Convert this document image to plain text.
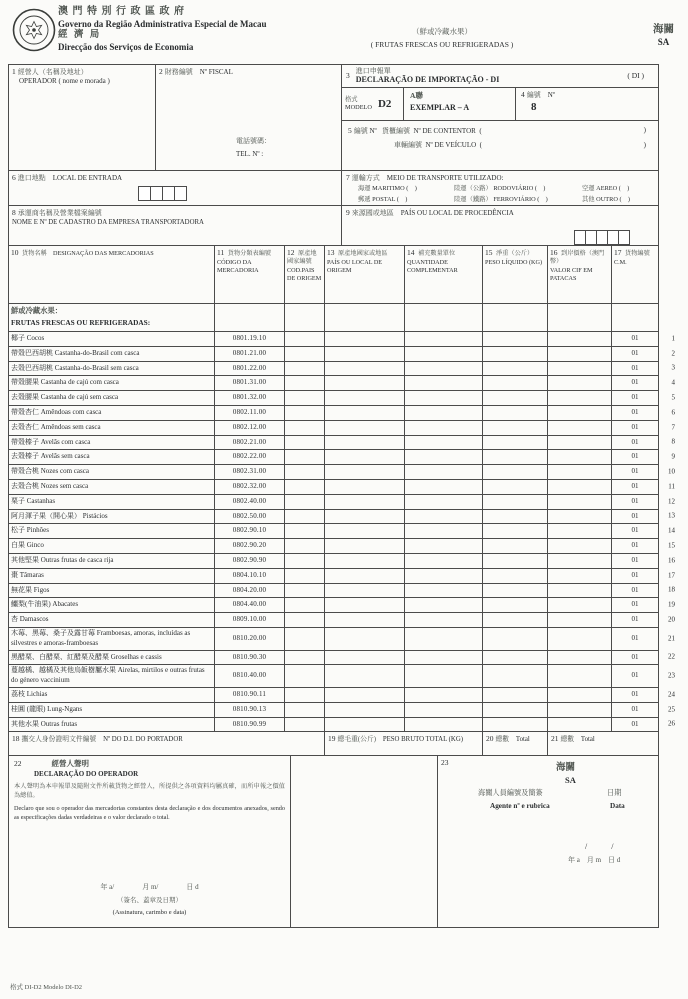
澳 門 特 別 行 政 區 政 府
Governo da Região Administrativa Especial de Macau
經 濟 局
Direcção dos Serviços de Economia
（鮮或冷藏水果）
( FRUTAS FRESCAS OU REFRIGERADAS )
海關
SA
1 經營人（名稱及地址）
OPERADOR ( nome e morada )
2 財務編號　 Nº FISCAL
電話號碼：
TEL. Nº :
3 進口申報單
DECLARAÇÃO DE IMPORTAÇÃO - DI	( DI )
格式
MODELO D2
A聯
EXEMPLAR – A
4 編號　 Nº
8
5 編號 Nº 貨櫃編號 Nº DE CONTENTOR (	)
車輛編號 Nº DE VEÍCULO (	)
6 進口地點　 LOCAL DE ENTRADA	7 運輸方式　 MEIO DE TRANSPORTE UTILIZADO:
海運 MARITIMO (　)	陸運（公路） RODOVIÁRIO (　)	空運 AEREO (　)
郵遞 POSTAL (　)	陸運（鐵路） FERROVIÁRIO (　)	其他 OUTRO (　)
8 承運商名稱及營業檔案編號
NOME E Nº DE CADASTRO DA EMPRESA TRANSPORTADORA
9 來源國或地區　 PAÍS OU LOCAL DE PROCEDÊNCIA
10 貨物名稱　 DESIGNAÇÃO DAS MERCADORIAS	11 貨物分類表編號
CÓDIGO DA MERCADORIA
12 原產地國家編號
COD.PAIS DE ORIGEM
13 原產地國家或地區
PAÍS OU LOCAL DE ORIGEM
14 補充數量單位
QUANTIDADE COMPLEMENTAR
15 淨重（公斤）
PESO LÍQUIDO (KG)
16 到岸價格（澳門幣）
VALOR CIF EM PATACAS
17 貨物編號
C.M.
鮮或冷藏水果：
FRUTAS FRESCAS OU REFRIGERADAS:
椰子 Cocos	0801.19.10	01	1
帶殼巴西胡桃 Castanha-do-Brasil com casca	0801.21.00	01	2
去殼巴西胡桃 Castanha-do-Brasil sem casca	0801.22.00	01	3
帶殼腰果 Castanha de cajú com casca	0801.31.00	01	4
去殼腰果 Castanha de cajú sem casca	0801.32.00	01	5
帶殼杏仁 Amêndoas com casca	0802.11.00	01	6
去殼杏仁 Amêndoas sem casca	0802.12.00	01	7
帶殼榛子 Avelãs com casca	0802.21.00	01	8
去殼榛子 Avelãs sem casca	0802.22.00	01	9
帶殼合桃 Nozes com casca	0802.31.00	01	10
去殼合桃 Nozes sem casca	0802.32.00	01	11
栗子 Castanhas	0802.40.00	01	12
阿月渾子果（開心果） Pistácios	0802.50.00	01	13
松子 Pinhões	0802.90.10	01	14
白果 Ginco	0802.90.20	01	15
其他堅果 Outras frutas de casca rija	0802.90.90	01	16
棗 Tâmaras	0804.10.10	01	17
無花果 Figos	0804.20.00	01	18
鱷梨(牛油果) Abacates	0804.40.00	01	19
杏 Damascos	0809.10.00	01	20
木莓、黑莓、桑子及露甘莓 Framboesas, amoras, incluídas as silvestres e amoras-framboesas
0810.20.00	01	21
黑醋栗、白醋栗、紅醋栗及醋栗 Groselhas e cassis	0810.90.30	01	22
蔓越橘、越橘及其他烏飯樹屬水果 Airelas, mirtilos e outras frutas do género vaccinium
0810.40.00	01	23
荔枝 Lichias	0810.90.11	01	24
桂圓 (龍眼) Lung-Ngans	0810.90.13	01	25
其他水果 Outras frutas	0810.90.99	01	26
18 攜交人身份證明文件編號　 Nº DO D.I. DO PORTADOR	19 總毛重(公斤)　 PESO BRUTO TOTAL (KG)	20 總數　 Total	21 總數　 Total
22	經營人聲明
DECLARAÇÃO DO OPERADOR

本人聲明為本申報單及隨附文件所載貨物之經營人，所提供之各項資料均屬真確，而所申報之價值為總值。

Declaro que sou o operador das mercadorias constantes desta declaração e dos documentos anexados, sendo as especificações dadas verdadeiras e o valor declarado o total.

年 a/　　　　月 m/　　　　日 d
（簽名、蓋章及日期）
(Assinatura, carimbo e data)
23
海關
SA
海關人員編號及簡簽	日期
Agente nº e rubrica	Data
/　　　/
年 a　月 m　日 d
格式 DI-D2 Modelo DI-D2
